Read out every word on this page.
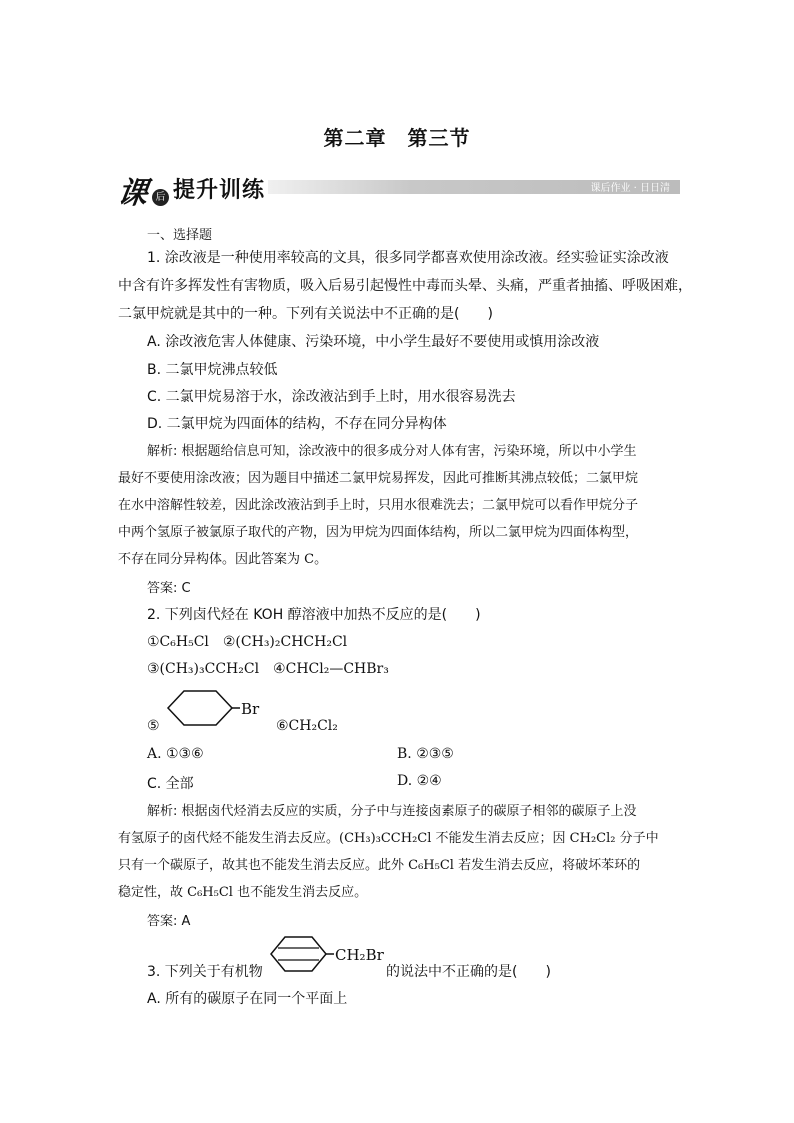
第二章　第三节
课后作业 · 日日清
课 后 提升训练
一、选择题
1. 涂改液是一种使用率较高的文具，很多同学都喜欢使用涂改液。经实验证实涂改液
中含有许多挥发性有害物质，吸入后易引起慢性中毒而头晕、头痛，严重者抽搐、呼吸困难，
二氯甲烷就是其中的一种。下列有关说法中不正确的是(　　)
A. 涂改液危害人体健康、污染环境，中小学生最好不要使用或慎用涂改液
B. 二氯甲烷沸点较低
C. 二氯甲烷易溶于水，涂改液沾到手上时，用水很容易洗去
D. 二氯甲烷为四面体的结构，不存在同分异构体
解析: 根据题给信息可知，涂改液中的很多成分对人体有害，污染环境，所以中小学生
最好不要使用涂改液；因为题目中描述二氯甲烷易挥发，因此可推断其沸点较低；二氯甲烷
在水中溶解性较差，因此涂改液沾到手上时，只用水很难洗去；二氯甲烷可以看作甲烷分子
中两个氢原子被氯原子取代的产物，因为甲烷为四面体结构，所以二氯甲烷为四面体构型，
不存在同分异构体。因此答案为 C。
答案: C
2. 下列卤代烃在 KOH 醇溶液中加热不反应的是(　　)
①C₆H₅Cl　②(CH₃)₂CHCH₂Cl
③(CH₃)₃CCH₂Cl　④CHCl₂—CHBr₃
⑤
Br
⑥CH₂Cl₂
A. ①③⑥	B. ②③⑤
C. 全部	D. ②④
解析: 根据卤代烃消去反应的实质，分子中与连接卤素原子的碳原子相邻的碳原子上没
有氢原子的卤代烃不能发生消去反应。(CH₃)₃CCH₂Cl 不能发生消去反应；因 CH₂Cl₂ 分子中
只有一个碳原子，故其也不能发生消去反应。此外 C₆H₅Cl 若发生消去反应，将破坏苯环的
稳定性，故 C₆H₅Cl 也不能发生消去反应。
答案: A
3. 下列关于有机物
CH₂Br
的说法中不正确的是(　　)
A. 所有的碳原子在同一个平面上
